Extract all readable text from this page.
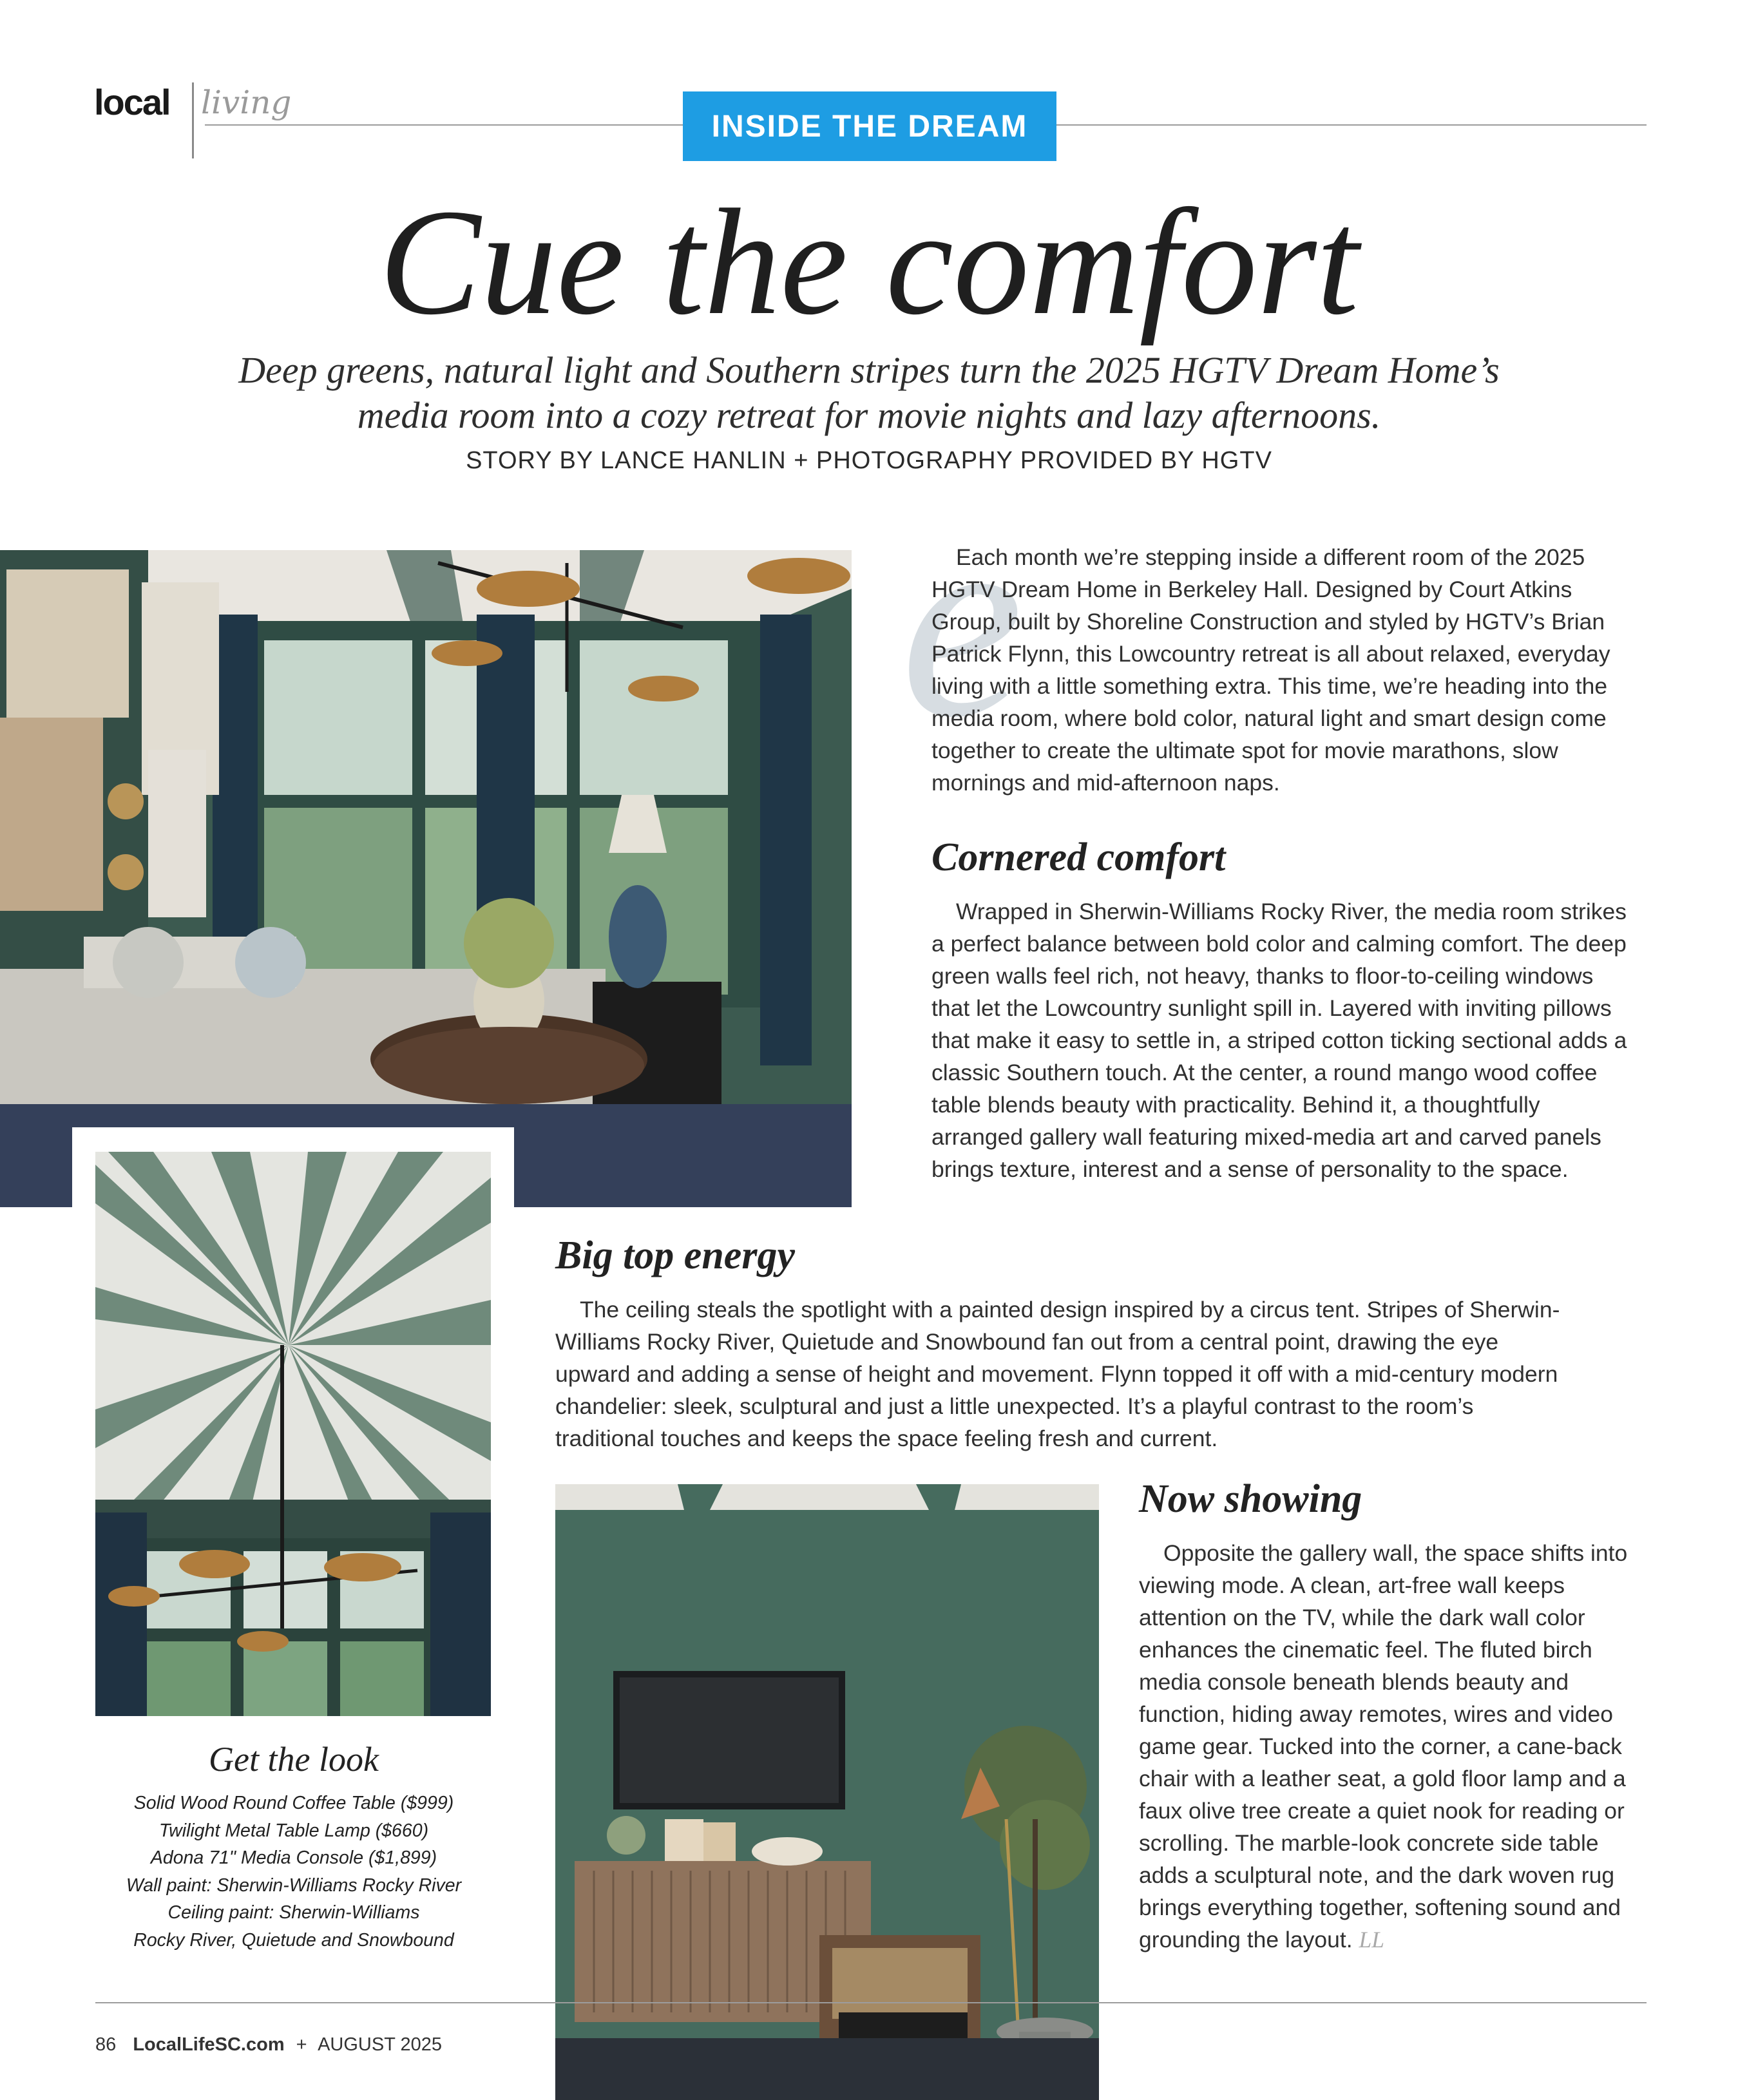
local living
INSIDE THE DREAM
Cue the comfort
Deep greens, natural light and Southern stripes turn the 2025 HGTV Dream Home’s
media room into a cozy retreat for movie nights and lazy afternoons.
STORY BY LANCE HANLIN + PHOTOGRAPHY PROVIDED BY HGTV
e

Each month we’re stepping inside a different room of the 2025 HGTV Dream Home in Berkeley Hall. Designed by Court Atkins Group, built by Shoreline Construction and styled by HGTV’s Brian Patrick Flynn, this Lowcountry retreat is all about relaxed, everyday living with a little something extra. This time, we’re heading into the media room, where bold color, natural light and smart design come together to create the ultimate spot for movie marathons, slow mornings and mid-afternoon naps.

Cornered comfort

Wrapped in Sherwin-Williams Rocky River, the media room strikes a perfect balance between bold color and calming comfort. The deep green walls feel rich, not heavy, thanks to floor-to-ceiling windows that let the Lowcountry sunlight spill in. Layered with inviting pillows that make it easy to settle in, a striped cotton ticking sectional adds a classic Southern touch. At the center, a round mango wood coffee table blends beauty with practicality. Behind it, a thoughtfully arranged gallery wall featuring mixed-media art and carved panels brings texture, interest and a sense of personality to the space.

Big top energy

The ceiling steals the spotlight with a painted design inspired by a circus tent. Stripes of Sherwin-Williams Rocky River, Quietude and Snowbound fan out from a central point, drawing the eye upward and adding a sense of height and movement. Flynn topped it off with a mid-century modern chandelier: sleek, sculptural and just a little unexpected. It’s a playful contrast to the room’s traditional touches and keeps the space feeling fresh and current.

Now showing

Opposite the gallery wall, the space shifts into viewing mode. A clean, art-free wall keeps attention on the TV, while the dark wall color enhances the cinematic feel. The fluted birch media console beneath blends beauty and function, hiding away remotes, wires and video game gear. Tucked into the corner, a cane-back chair with a leather seat, a gold floor lamp and a faux olive tree create a quiet nook for reading or scrolling. The marble-look concrete side table adds a sculptural note, and the dark woven rug brings everything together, softening sound and grounding the layout. LL

Get the look
Solid Wood Round Coffee Table ($999)
Twilight Metal Table Lamp ($660)
Adona 71" Media Console ($1,899)
Wall paint: Sherwin-Williams Rocky River
Ceiling paint: Sherwin-Williams
Rocky River, Quietude and Snowbound
86 LocalLifeSC.com + AUGUST 2025
